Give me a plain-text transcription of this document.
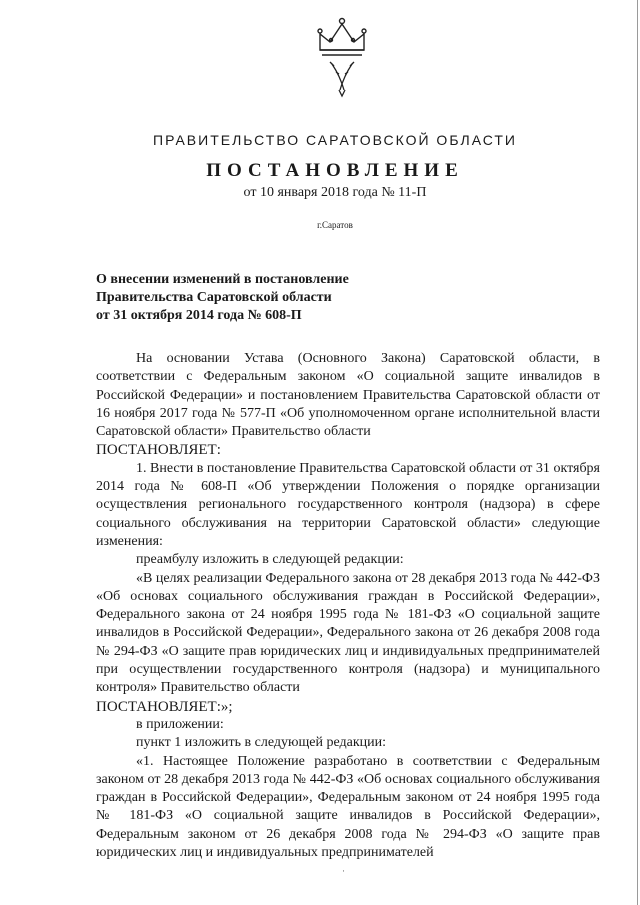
ПРАВИТЕЛЬСТВО САРАТОВСКОЙ ОБЛАСТИ
ПОСТАНОВЛЕНИЕ
от 10 января 2018 года № 11-П
г.Саратов
О внесении изменений в постановление
Правительства Саратовской области
от 31 октября 2014 года № 608-П

На основании Устава (Основного Закона) Саратовской области, в соответствии с Федеральным законом «О социальной защите инвалидов в Российской Федерации» и постановлением Правительства Саратовской области от 16 ноября 2017 года № 577-П «Об уполномоченном органе исполнительной власти Саратовской области» Правительство области

ПОСТАНОВЛЯЕТ:

1. Внести в постановление Правительства Саратовской области от 31 октября 2014 года № 608-П «Об утверждении Положения о порядке организации осуществления регионального государственного контроля (надзора) в сфере социального обслуживания на территории Саратовской области» следующие изменения:

преамбулу изложить в следующей редакции:

«В целях реализации Федерального закона от 28 декабря 2013 года № 442-ФЗ «Об основах социального обслуживания граждан в Российской Федерации», Федерального закона от 24 ноября 1995 года № 181-ФЗ «О социальной защите инвалидов в Российской Федерации», Федерального закона от 26 декабря 2008 года № 294-ФЗ «О защите прав юридических лиц и индивидуальных предпринимателей при осуществлении государственного контроля (надзора) и муниципального контроля» Правительство области

ПОСТАНОВЛЯЕТ:»;

в приложении:

пункт 1 изложить в следующей редакции:

«1. Настоящее Положение разработано в соответствии с Федеральным законом от 28 декабря 2013 года № 442-ФЗ «Об основах социального обслуживания граждан в Российской Федерации», Федеральным законом от 24 ноября 1995 года № 181-ФЗ «О социальной защите инвалидов в Российской Федерации», Федеральным законом от 26 декабря 2008 года № 294-ФЗ «О защите прав юридических лиц и индивидуальных предпринимателей

·
